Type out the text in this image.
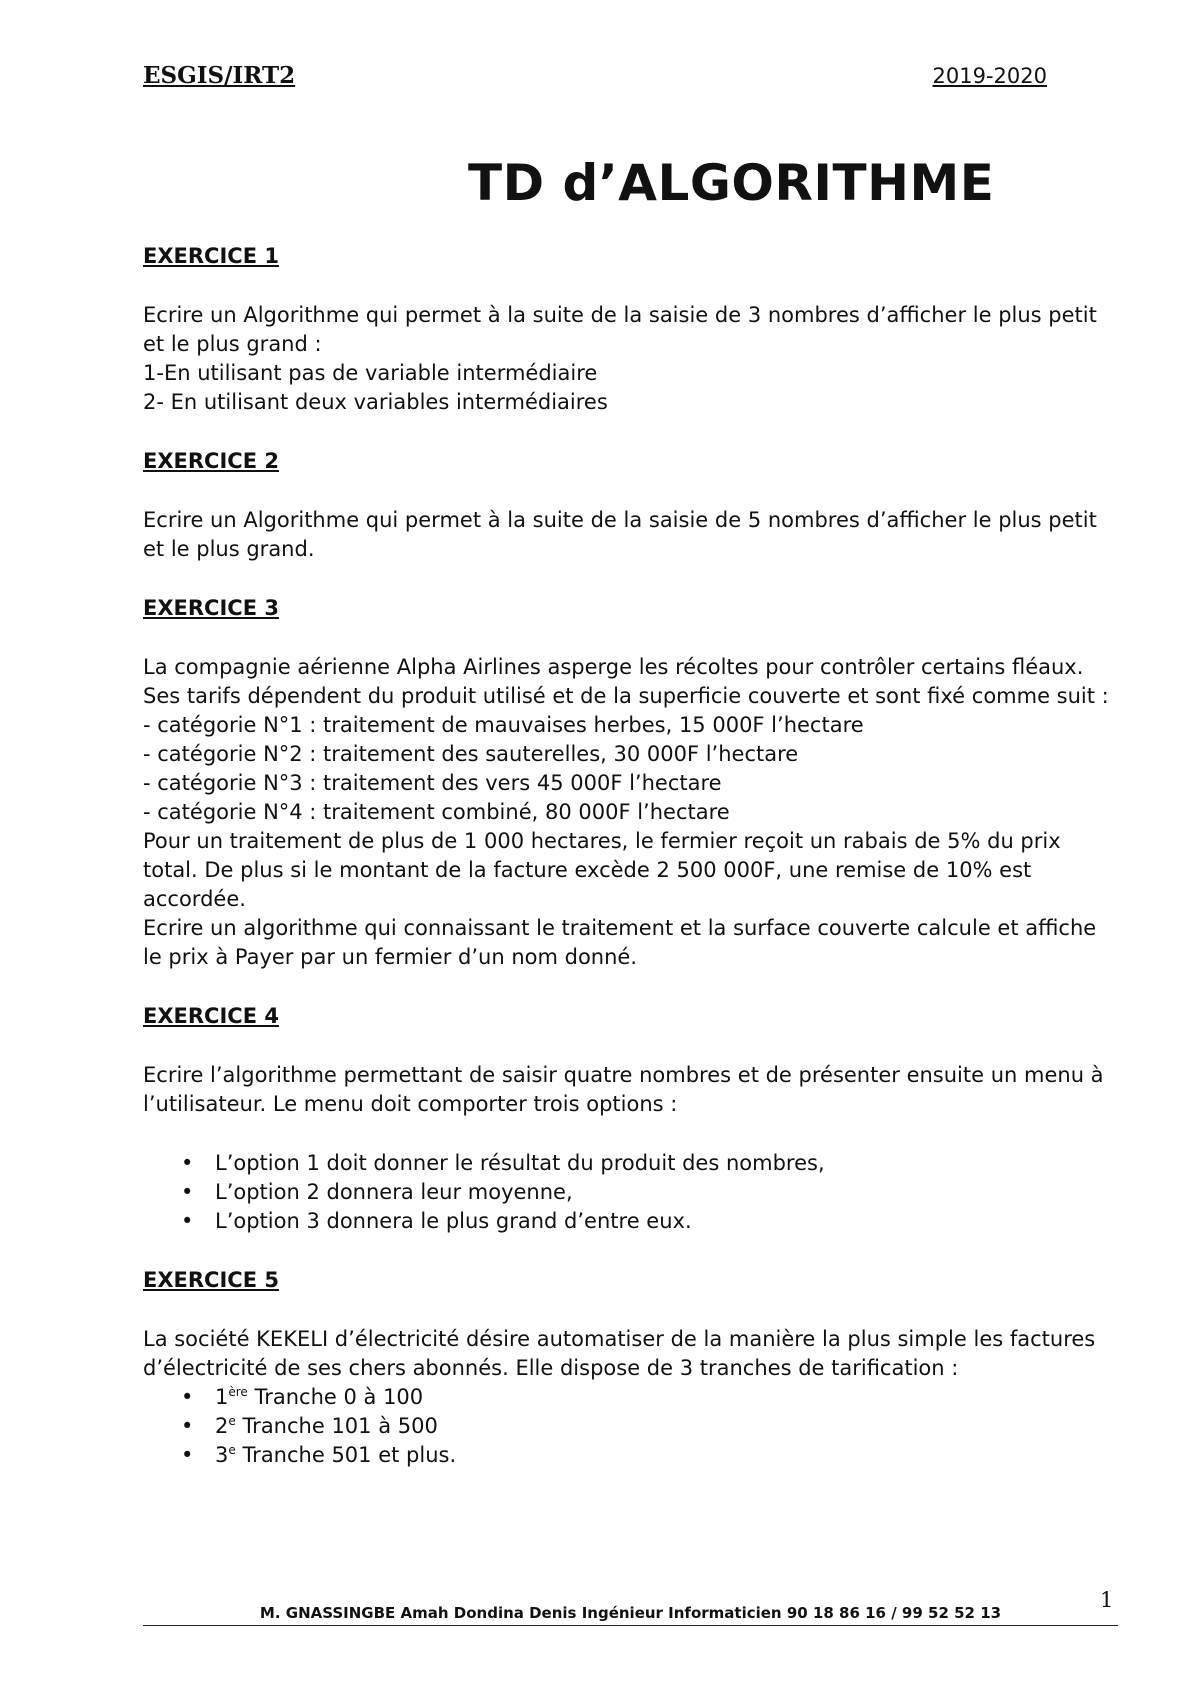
ESGIS/IRT2	2019-2020
TD d’ALGORITHME
EXERCICE 1

Ecrire un Algorithme qui permet à la suite de la saisie de 3 nombres d’afficher le plus petit et le plus grand :

1-En utilisant pas de variable intermédiaire

2- En utilisant deux variables intermédiaires

EXERCICE 2

Ecrire un Algorithme qui permet à la suite de la saisie de 5 nombres d’afficher le plus petit et le plus grand.

EXERCICE 3

La compagnie aérienne Alpha Airlines asperge les récoltes pour contrôler certains fléaux. Ses tarifs dépendent du produit utilisé et de la superficie couverte et sont fixé comme suit :

- catégorie N°1 : traitement de mauvaises herbes, 15 000F l’hectare

- catégorie N°2 : traitement des sauterelles, 30 000F l’hectare

- catégorie N°3 : traitement des vers 45 000F l’hectare

- catégorie N°4 : traitement combiné, 80 000F l’hectare

Pour un traitement de plus de 1 000 hectares, le fermier reçoit un rabais de 5% du prix total. De plus si le montant de la facture excède 2 500 000F, une remise de 10% est accordée.

Ecrire un algorithme qui connaissant le traitement et la surface couverte calcule et affiche le prix à Payer par un fermier d’un nom donné.

EXERCICE 4

Ecrire l’algorithme permettant de saisir quatre nombres et de présenter ensuite un menu à l’utilisateur. Le menu doit comporter trois options :

• L’option 1 doit donner le résultat du produit des nombres,
• L’option 2 donnera leur moyenne,
• L’option 3 donnera le plus grand d’entre eux.
EXERCICE 5

La société KEKELI d’électricité désire automatiser de la manière la plus simple les factures d’électricité de ses chers abonnés. Elle dispose de 3 tranches de tarification :

• 1ère Tranche 0 à 100
• 2e Tranche 101 à 500
• 3e Tranche 501 et plus.
1
M. GNASSINGBE Amah Dondina Denis Ingénieur Informaticien 90 18 86 16 / 99 52 52 13
